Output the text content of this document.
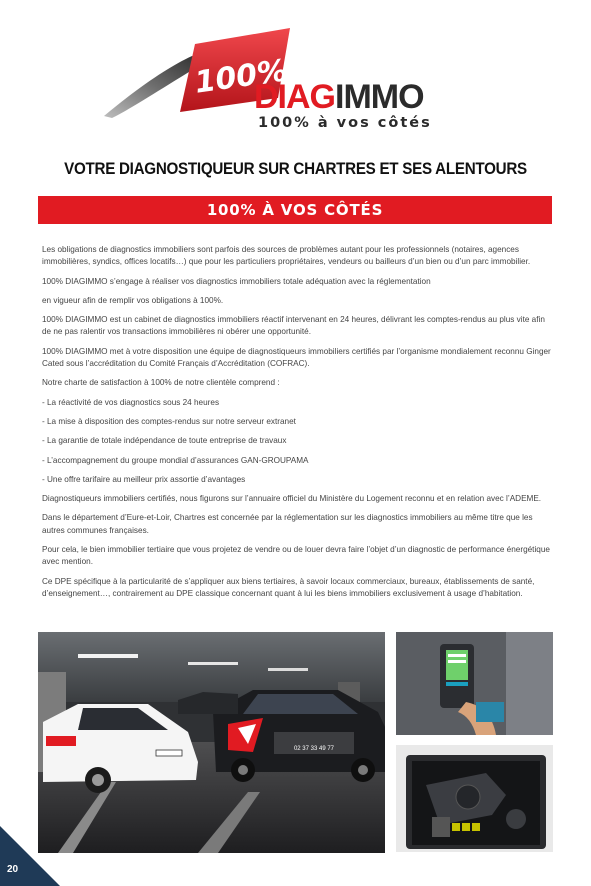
100%
DIAGIMMO
100% à vos côtés
VOTRE DIAGNOSTIQUEUR SUR CHARTRES ET SES ALENTOURS
100% À VOS CÔTÉS

Les obligations de diagnostics immobiliers sont parfois des sources de problèmes autant pour les professionnels (notaires, agences immobilières, syndics, offices locatifs…) que pour les particuliers propriétaires, vendeurs ou bailleurs d’un bien ou d’un parc immobilier.

100% DIAGIMMO s’engage à réaliser vos diagnostics immobiliers totale adéquation avec la réglementation

en vigueur afin de remplir vos obligations à 100%.

100% DIAGIMMO est un cabinet de diagnostics immobiliers réactif intervenant en 24 heures, délivrant les comptes-rendus au plus vite afin de ne pas ralentir vos transactions immobilières ni obérer une opportunité.

100% DIAGIMMO met à votre disposition une équipe de diagnostiqueurs immobiliers certifiés par l’organisme mondialement reconnu Ginger Cated sous l’accréditation du Comité Français d’Accréditation (COFRAC).

Notre charte de satisfaction à 100% de notre clientèle comprend :

- La réactivité de vos diagnostics sous 24 heures

- La mise à disposition des comptes-rendus sur notre serveur extranet

- La garantie de totale indépendance de toute entreprise de travaux

- L’accompagnement du groupe mondial d’assurances GAN-GROUPAMA

- Une offre tarifaire au meilleur prix assortie d’avantages

Diagnostiqueurs immobiliers certifiés, nous figurons sur l’annuaire officiel du Ministère du Logement reconnu et en relation avec l’ADEME.

Dans le département d’Eure-et-Loir, Chartres est concernée par la réglementation sur les diagnostics immobiliers au même titre que les autres communes françaises.

Pour cela, le bien immobilier tertiaire que vous projetez de vendre ou de louer devra faire l’objet d’un diagnostic de performance énergétique avec mention.

Ce DPE spécifique à la particularité de s’appliquer aux biens tertiaires, à savoir locaux commerciaux, bureaux, établissements de santé, d’enseignement…, contrairement au DPE classique concernant quant à lui les biens immobiliers exclusivement à usage d’habitation.

02 37 33 49 77
20
